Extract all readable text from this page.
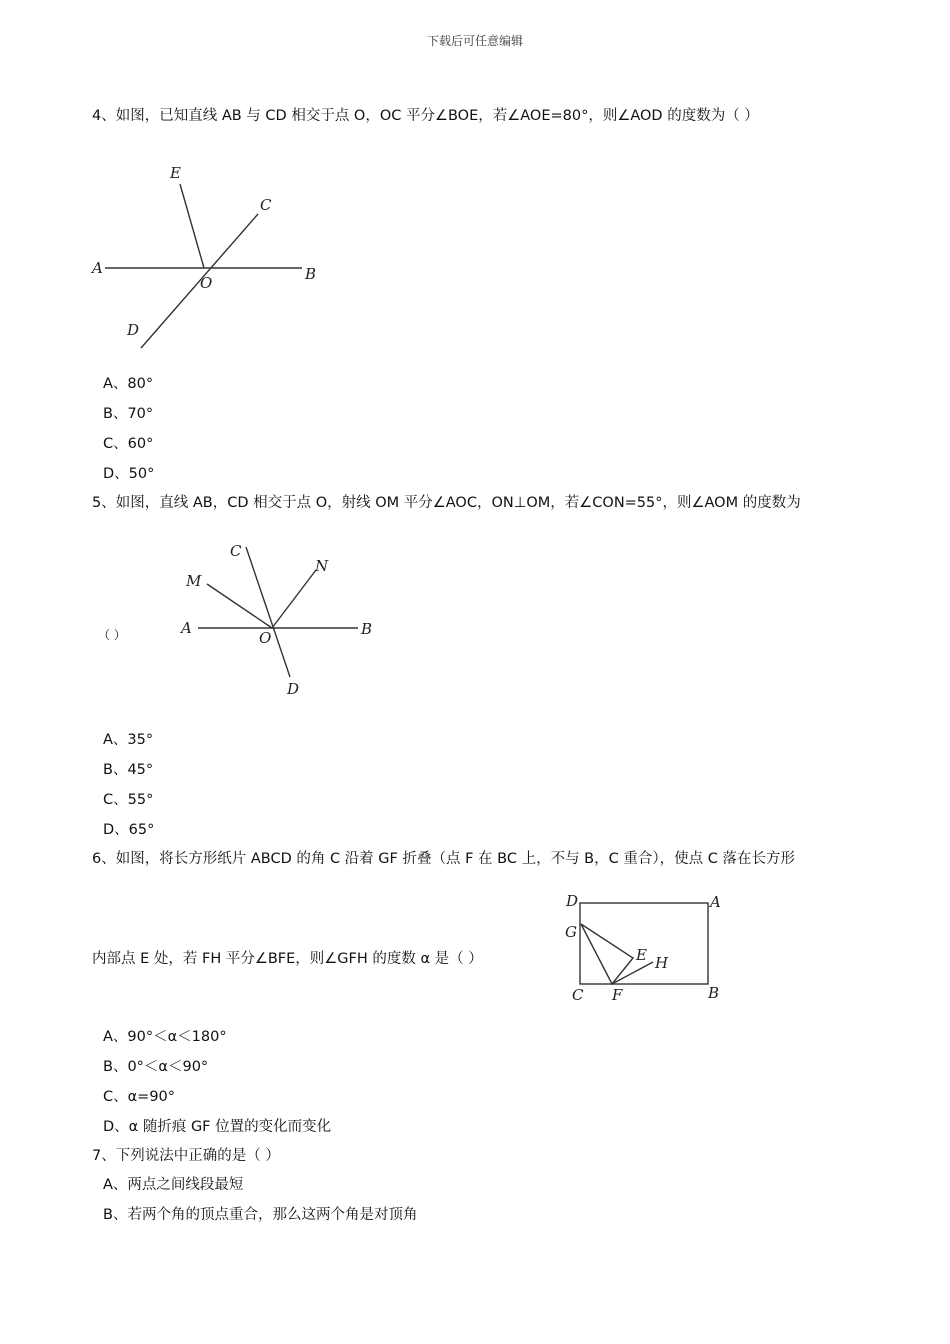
下载后可任意编辑
4、如图，已知直线 AB 与 CD 相交于点 O，OC 平分∠BOE，若∠AOE=80°，则∠AOD 的度数为（ ）
E
C
A
O	B
D
A、80°
B、70°
C、60°
D、50°
5、如图，直线 AB，CD 相交于点 O，射线 OM 平分∠AOC，ON⊥OM，若∠CON=55°，则∠AOM 的度数为
（ ）
C
M
N
A
O	B
D
A、35°
B、45°
C、55°
D、65°
6、如图，将长方形纸片 ABCD 的角 C 沿着 GF 折叠（点 F 在 BC 上，不与 B，C 重合），使点 C 落在长方形
内部点 E 处，若 FH 平分∠BFE，则∠GFH 的度数 α 是（ ）
D	A
G
E H
C F	B
A、90°＜α＜180°
B、0°＜α＜90°
C、α=90°
D、α 随折痕 GF 位置的变化而变化
7、下列说法中正确的是（ ）
A、两点之间线段最短
B、若两个角的顶点重合，那么这两个角是对顶角
